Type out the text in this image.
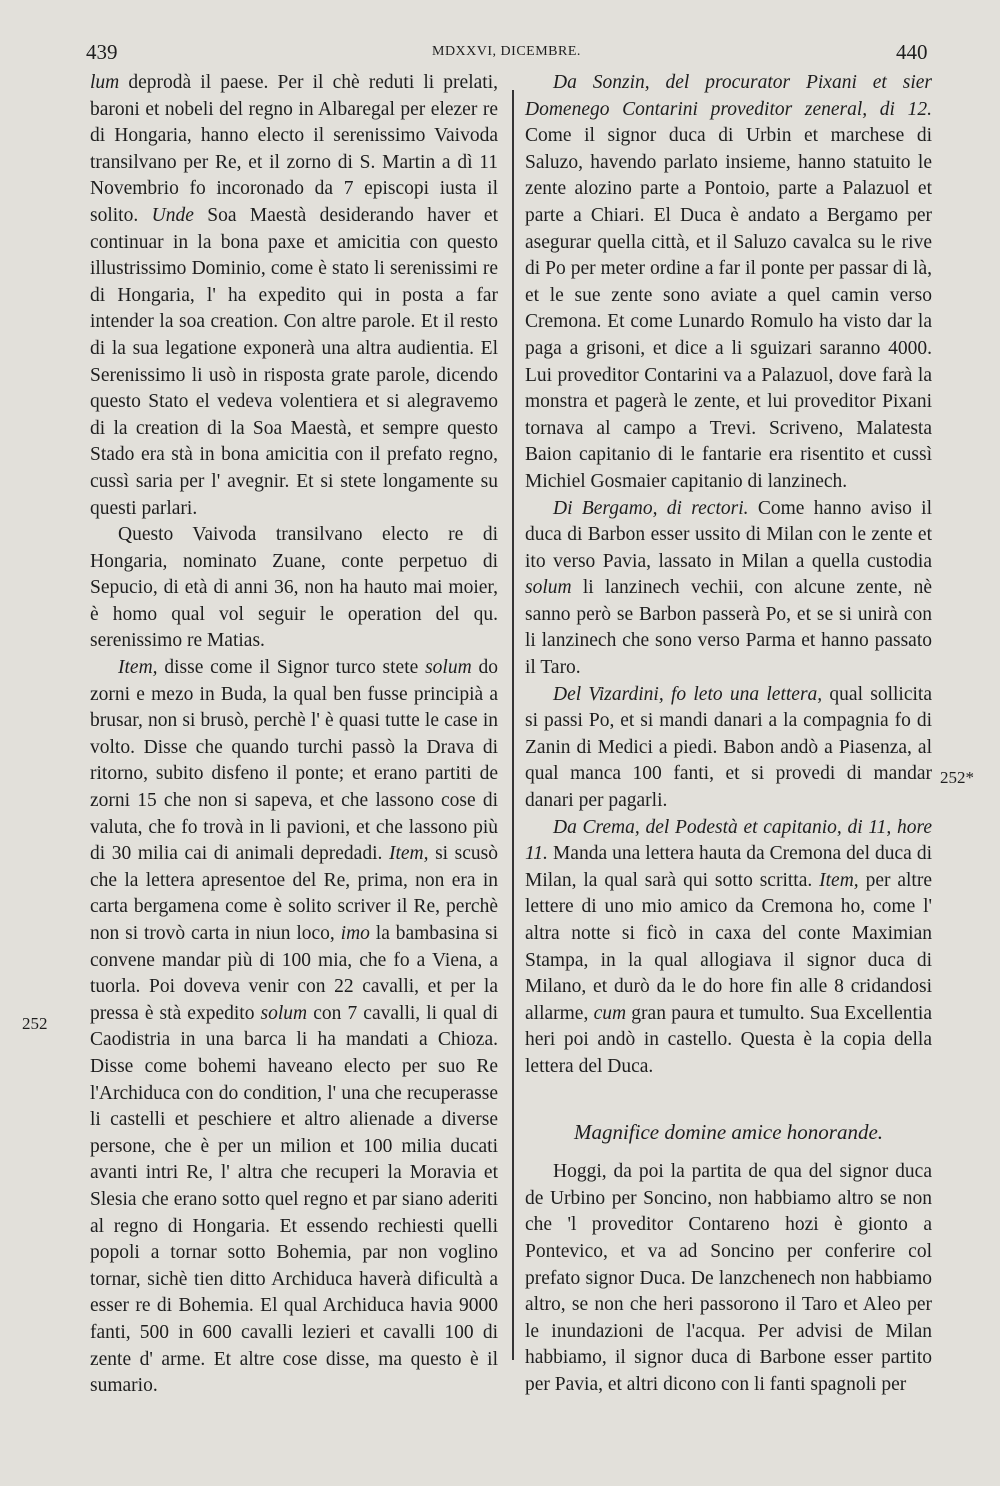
439	MDXXVI, DICEMBRE.	440
252
252*

lum deprodà il paese. Per il chè reduti li prelati, baroni et nobeli del regno in Albaregal per elezer re di Hongaria, hanno electo il serenissimo Vaivoda transilvano per Re, et il zorno di S. Martin a dì 11 Novembrio fo incoronado da 7 episcopi iusta il solito. Unde Soa Maestà desiderando haver et continuar in la bona paxe et amicitia con questo illustrissimo Dominio, come è stato li serenissimi re di Hongaria, l' ha expedito qui in posta a far intender la soa creation. Con altre parole. Et il resto di la sua legatione exponerà una altra audientia. El Serenissimo li usò in risposta grate parole, dicendo questo Stato el vedeva volentiera et si alegravemo di la creation di la Soa Maestà, et sempre questo Stado era stà in bona amicitia con il prefato regno, cussì saria per l' avegnir. Et si stete longamente su questi parlari.

Questo Vaivoda transilvano electo re di Hongaria, nominato Zuane, conte perpetuo di Sepucio, di età di anni 36, non ha hauto mai moier, è homo qual vol seguir le operation del qu. serenissimo re Matias.

Item, disse come il Signor turco stete solum do zorni e mezo in Buda, la qual ben fusse principià a brusar, non si brusò, perchè l' è quasi tutte le case in volto. Disse che quando turchi passò la Drava di ritorno, subito disfeno il ponte; et erano partiti de zorni 15 che non si sapeva, et che lassono cose di valuta, che fo trovà in li pavioni, et che lassono più di 30 milia cai di animali depredadi. Item, si scusò che la lettera apresentoe del Re, prima, non era in carta bergamena come è solito scriver il Re, perchè non si trovò carta in niun loco, imo la bambasina si convene mandar più di 100 mia, che fo a Viena, a tuorla. Poi doveva venir con 22 cavalli, et per la pressa è stà expedito solum con 7 cavalli, li qual di Caodistria in una barca li ha mandati a Chioza. Disse come bohemi haveano electo per suo Re l'Archiduca con do condition, l' una che recuperasse li castelli et peschiere et altro alienade a diverse persone, che è per un milion et 100 milia ducati avanti intri Re, l' altra che recuperi la Moravia et Slesia che erano sotto quel regno et par siano aderiti al regno di Hongaria. Et essendo rechiesti quelli popoli a tornar sotto Bohemia, par non voglino tornar, sichè tien ditto Archiduca haverà dificultà a esser re di Bohemia. El qual Archiduca havia 9000 fanti, 500 in 600 cavalli lezieri et cavalli 100 di zente d' arme. Et altre cose disse, ma questo è il sumario.

Da Sonzin, del procurator Pixani et sier Domenego Contarini proveditor zeneral, di 12. Come il signor duca di Urbin et marchese di Saluzo, havendo parlato insieme, hanno statuito le zente alozino parte a Pontoio, parte a Palazuol et parte a Chiari. El Duca è andato a Bergamo per asegurar quella città, et il Saluzo cavalca su le rive di Po per meter ordine a far il ponte per passar di là, et le sue zente sono aviate a quel camin verso Cremona. Et come Lunardo Romulo ha visto dar la paga a grisoni, et dice a li sguizari saranno 4000. Lui proveditor Contarini va a Palazuol, dove farà la monstra et pagerà le zente, et lui proveditor Pixani tornava al campo a Trevi. Scriveno, Malatesta Baion capitanio di le fantarie era risentito et cussì Michiel Gosmaier capitanio di lanzinech.

Di Bergamo, di rectori. Come hanno aviso il duca di Barbon esser ussito di Milan con le zente et ito verso Pavia, lassato in Milan a quella custodia solum li lanzinech vechii, con alcune zente, nè sanno però se Barbon passerà Po, et se si unirà con li lanzinech che sono verso Parma et hanno passato il Taro.

Del Vizardini, fo leto una lettera, qual sollicita si passi Po, et si mandi danari a la compagnia fo di Zanin di Medici a piedi. Babon andò a Piasenza, al qual manca 100 fanti, et si provedi di mandar danari per pagarli.

Da Crema, del Podestà et capitanio, di 11, hore 11. Manda una lettera hauta da Cremona del duca di Milan, la qual sarà qui sotto scritta. Item, per altre lettere di uno mio amico da Cremona ho, come l' altra notte si ficò in caxa del conte Maximian Stampa, in la qual allogiava il signor duca di Milano, et durò da le do hore fin alle 8 cridandosi allarme, cum gran paura et tumulto. Sua Excellentia heri poi andò in castello. Questa è la copia della lettera del Duca.

Magnifice domine amice honorande.

Hoggi, da poi la partita de qua del signor duca de Urbino per Soncino, non habbiamo altro se non che 'l proveditor Contareno hozi è gionto a Pontevico, et va ad Soncino per conferire col prefato signor Duca. De lanzchenech non habbiamo altro, se non che heri passorono il Taro et Aleo per le inundazioni de l'acqua. Per advisi de Milan habbiamo, il signor duca di Barbone esser partito per Pavia, et altri dicono con li fanti spagnoli per
